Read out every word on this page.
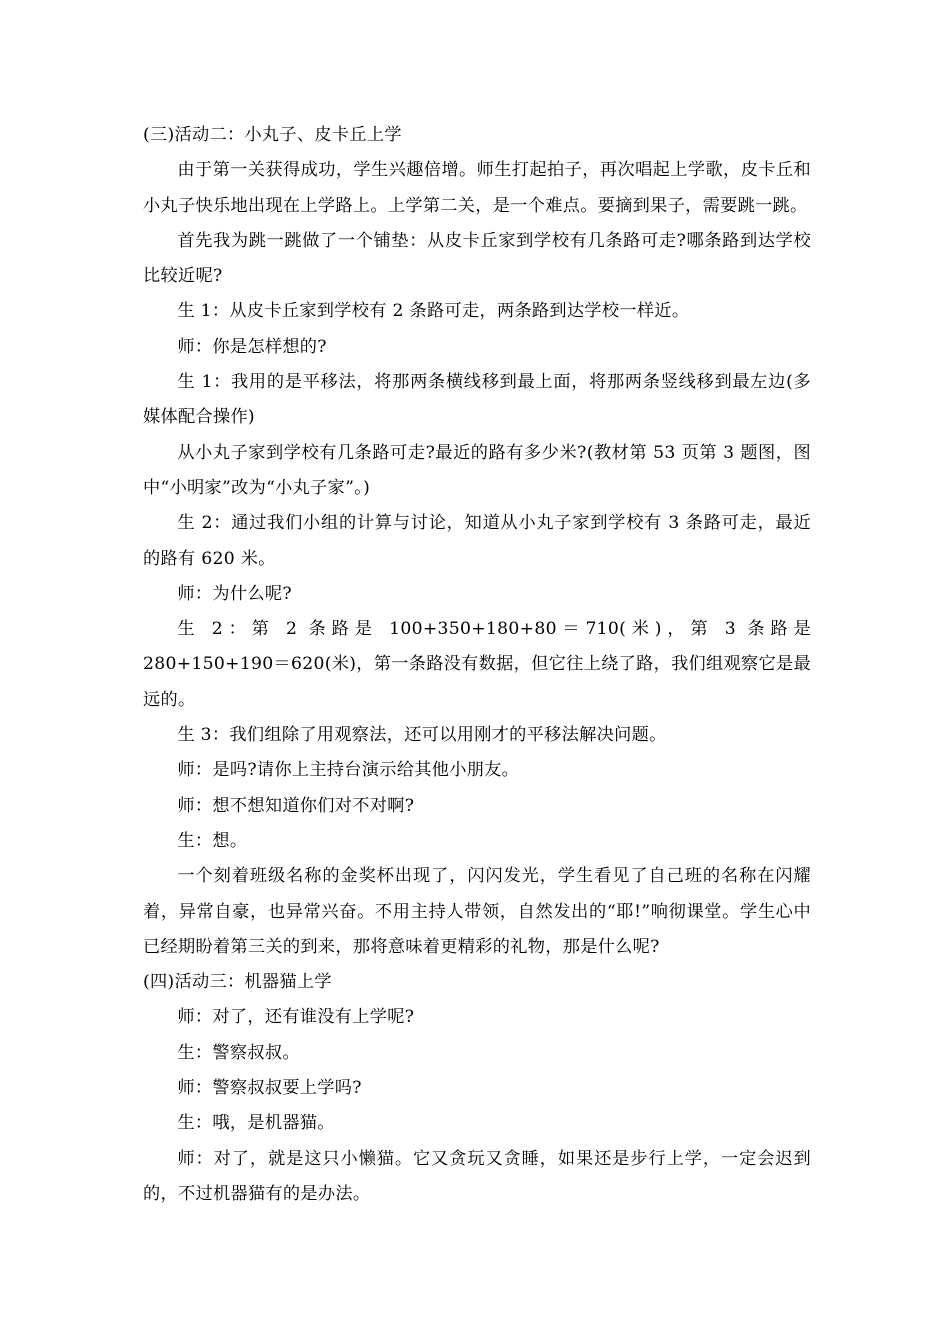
(三)活动二：小丸子、皮卡丘上学

由于第一关获得成功，学生兴趣倍增。师生打起拍子，再次唱起上学歌，皮卡丘和小丸子快乐地出现在上学路上。上学第二关，是一个难点。要摘到果子，需要跳一跳。

首先我为跳一跳做了一个铺垫：从皮卡丘家到学校有几条路可走?哪条路到达学校比较近呢?

生 1：从皮卡丘家到学校有 2 条路可走，两条路到达学校一样近。

师：你是怎样想的?

生 1：我用的是平移法，将那两条横线移到最上面，将那两条竖线移到最左边(多媒体配合操作)

从小丸子家到学校有几条路可走?最近的路有多少米?(教材第 53 页第 3 题图，图中“小明家”改为“小丸子家”。)

生 2：通过我们小组的计算与讨论，知道从小丸子家到学校有 3 条路可走，最近的路有 620 米。

师：为什么呢?

生 2：第 2 条路是 100+350+180+80＝710(米)，第 3 条路是 280+150+190＝620(米)，第一条路没有数据，但它往上绕了路，我们组观察它是最远的。

生 3：我们组除了用观察法，还可以用刚才的平移法解决问题。

师：是吗?请你上主持台演示给其他小朋友。

师：想不想知道你们对不对啊?

生：想。

一个刻着班级名称的金奖杯出现了，闪闪发光，学生看见了自己班的名称在闪耀着，异常自豪，也异常兴奋。不用主持人带领，自然发出的“耶!”响彻课堂。学生心中已经期盼着第三关的到来，那将意味着更精彩的礼物，那是什么呢?

(四)活动三：机器猫上学

师：对了，还有谁没有上学呢?

生：警察叔叔。

师：警察叔叔要上学吗?

生：哦，是机器猫。

师：对了，就是这只小懒猫。它又贪玩又贪睡，如果还是步行上学，一定会迟到的，不过机器猫有的是办法。
